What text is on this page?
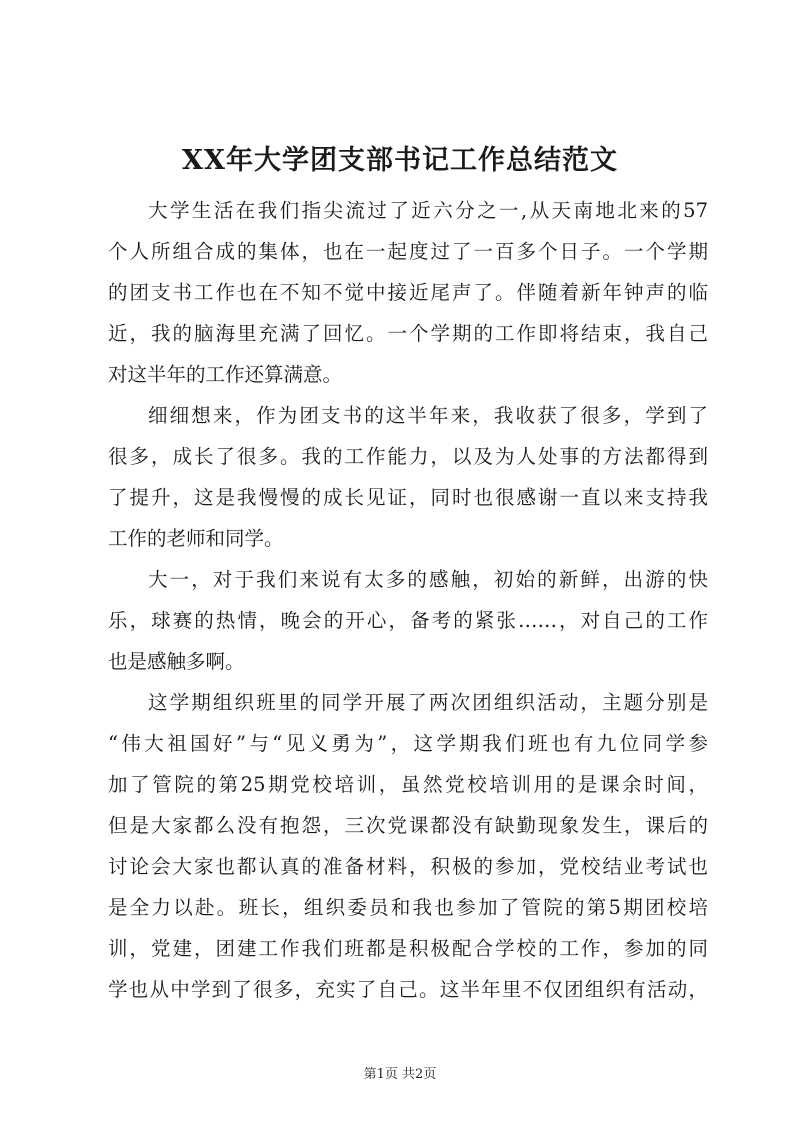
XX年大学团支部书记工作总结范文

大学生活在我们指尖流过了近六分之一,从天南地北来的57
个人所组合成的集体，也在一起度过了一百多个日子。一个学期
的团支书工作也在不知不觉中接近尾声了。伴随着新年钟声的临
近，我的脑海里充满了回忆。一个学期的工作即将结束，我自己
对这半年的工作还算满意。

细细想来，作为团支书的这半年来，我收获了很多，学到了
很多，成长了很多。我的工作能力，以及为人处事的方法都得到
了提升，这是我慢慢的成长见证，同时也很感谢一直以来支持我
工作的老师和同学。

大一，对于我们来说有太多的感触，初始的新鲜，出游的快
乐，球赛的热情，晚会的开心，备考的紧张……，对自己的工作
也是感触多啊。

这学期组织班里的同学开展了两次团组织活动，主题分别是
“伟大祖国好”与“见义勇为”，这学期我们班也有九位同学参
加了管院的第25期党校培训，虽然党校培训用的是课余时间，
但是大家都么没有抱怨，三次党课都没有缺勤现象发生，课后的
讨论会大家也都认真的准备材料，积极的参加，党校结业考试也
是全力以赴。班长，组织委员和我也参加了管院的第5期团校培
训，党建，团建工作我们班都是积极配合学校的工作，参加的同
学也从中学到了很多，充实了自己。这半年里不仅团组织有活动，

第1页 共2页
